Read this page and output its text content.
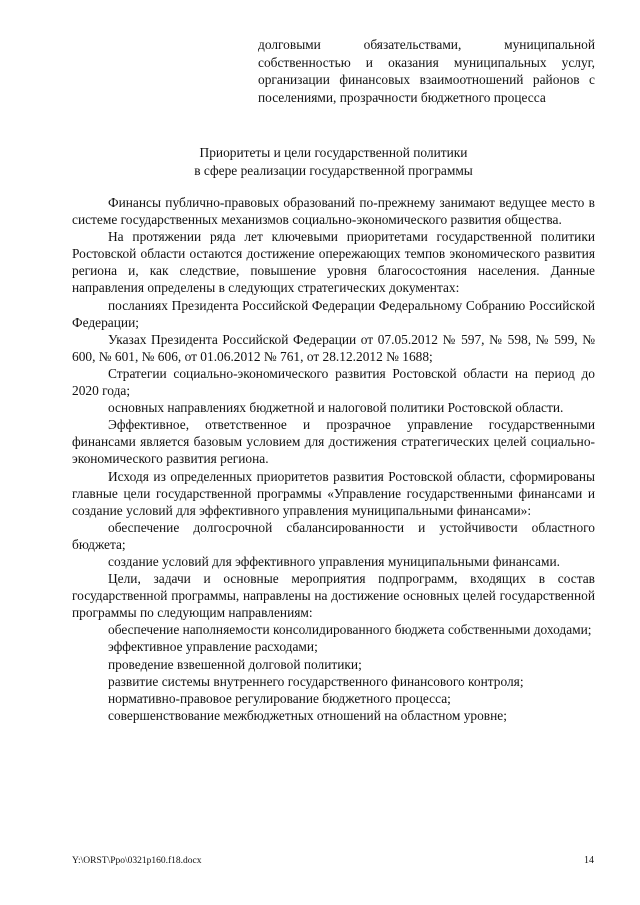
долговыми обязательствами, муниципальной собственностью и оказания муниципальных услуг, организации финансовых взаимоотношений районов с поселениями, прозрачности бюджетного процесса

Приоритеты и цели государственной политики
в сфере реализации государственной программы

Финансы публично-правовых образований по-прежнему занимают ведущее место в системе государственных механизмов социально-экономического развития общества.

На протяжении ряда лет ключевыми приоритетами государственной политики Ростовской области остаются достижение опережающих темпов экономического развития региона и, как следствие, повышение уровня благосостояния населения. Данные направления определены в следующих стратегических документах:

посланиях Президента Российской Федерации Федеральному Собранию Российской Федерации;

Указах Президента Российской Федерации от 07.05.2012 № 597, № 598, № 599, № 600, № 601, № 606, от 01.06.2012 № 761, от 28.12.2012 № 1688;

Стратегии социально-экономического развития Ростовской области на период до 2020 года;

основных направлениях бюджетной и налоговой политики Ростовской области.

Эффективное, ответственное и прозрачное управление государственными финансами является базовым условием для достижения стратегических целей социально-экономического развития региона.

Исходя из определенных приоритетов развития Ростовской области, сформированы главные цели государственной программы «Управление государственными финансами и создание условий для эффективного управления муниципальными финансами»:

обеспечение долгосрочной сбалансированности и устойчивости областного бюджета;

создание условий для эффективного управления муниципальными финансами.

Цели, задачи и основные мероприятия подпрограмм, входящих в состав государственной программы, направлены на достижение основных целей государственной программы по следующим направлениям:

обеспечение наполняемости консолидированного бюджета собственными доходами;

эффективное управление расходами;

проведение взвешенной долговой политики;

развитие системы внутреннего государственного финансового контроля;

нормативно-правовое регулирование бюджетного процесса;

совершенствование межбюджетных отношений на областном уровне;

Y:\ORST\Ppo\0321p160.f18.docx	14
